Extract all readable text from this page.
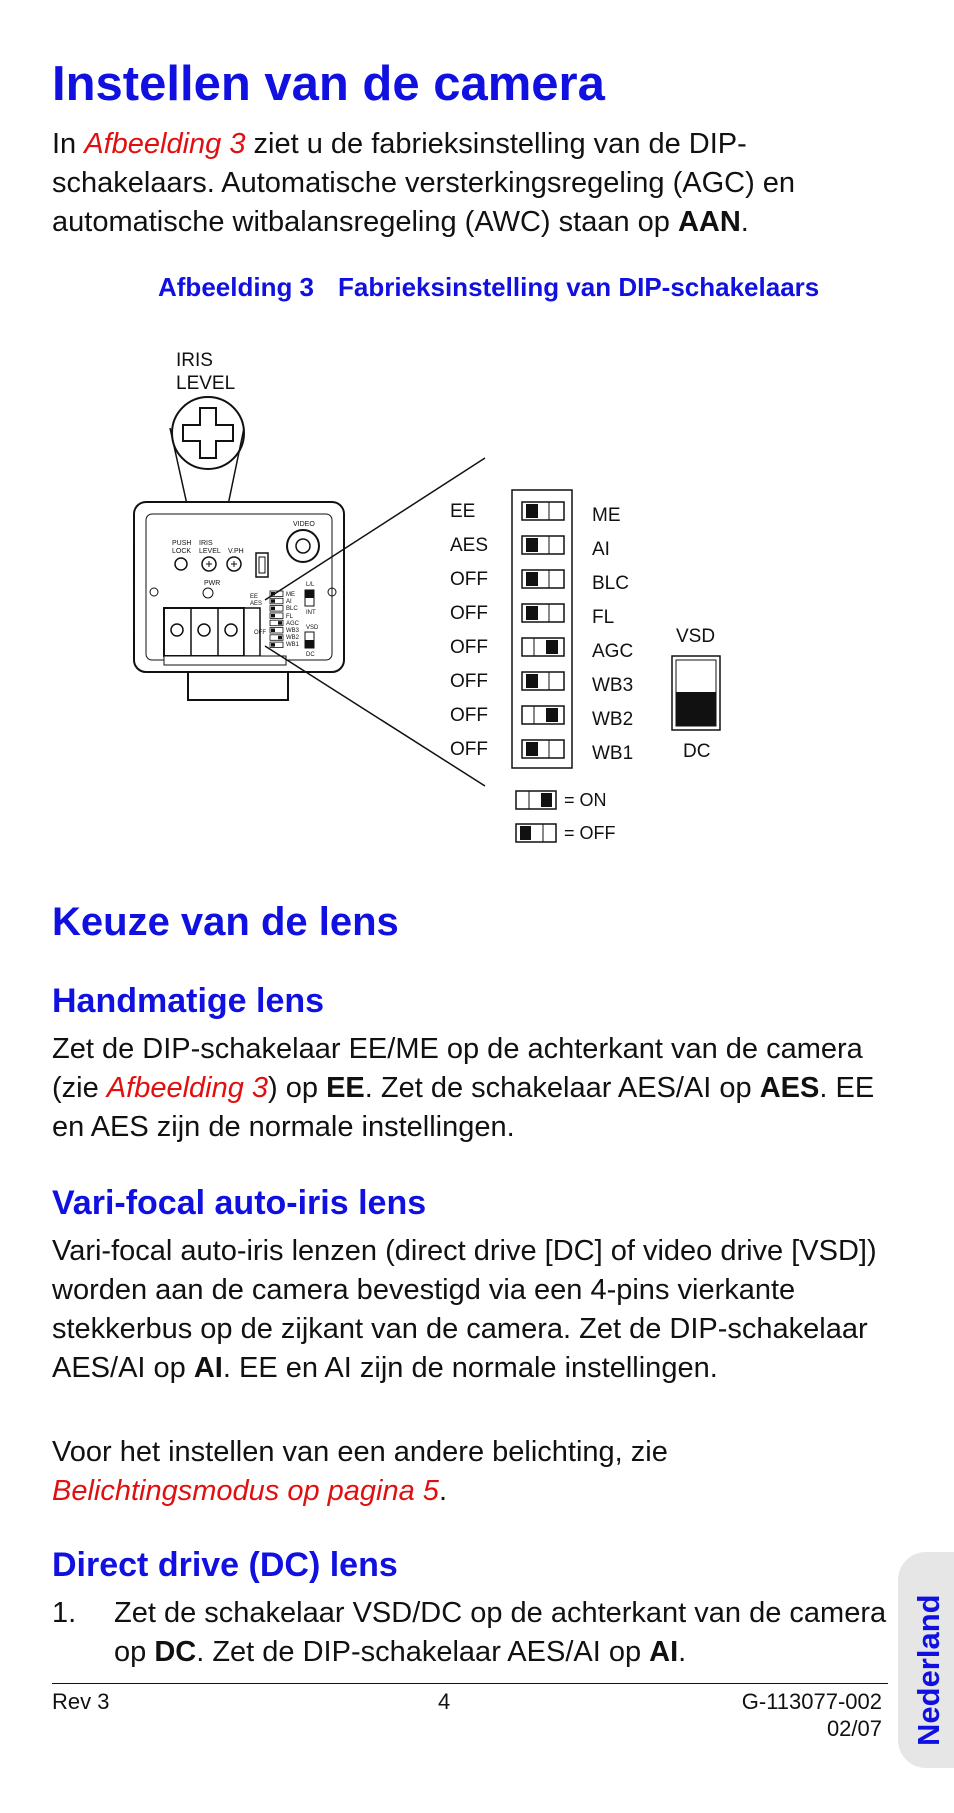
Instellen van de camera

In Afbeelding 3 ziet u de fabrieksinstelling van de DIP-schakelaars. Automatische versterkingsregeling (AGC) en automatische witbalansregeling (AWC) staan op AAN.

Afbeelding 3 Fabrieksinstelling van DIP-schakelaars
IRIS
LEVEL
VIDEO
PUSH
LOCK
IRIS
LEVEL V.PH
PWR
EE
AES
OFF
ME
AI
BLC
FL
AGC
WB3
WB2
WB1
L/L
INT
VSD
DC
EE	ME
AES	AI
OFF	BLC
OFF	FL
OFF	AGC
OFF	WB3
OFF	WB2
OFF	WB1
VSD
DC
= ON
= OFF
Keuze van de lens
Handmatige lens

Zet de DIP-schakelaar EE/ME op de achterkant van de camera (zie Afbeelding 3) op EE. Zet de schakelaar AES/AI op AES. EE en AES zijn de normale instellingen.

Vari-focal auto-iris lens

Vari-focal auto-iris lenzen (direct drive [DC] of video drive [VSD]) worden aan de camera bevestigd via een 4-pins vierkante stekkerbus op de zijkant van de camera. Zet de DIP-schakelaar AES/AI op AI. EE en AI zijn de normale instellingen.

Voor het instellen van een andere belichting, zie Belichtingsmodus op pagina 5.

Direct drive (DC) lens
1. Zet de schakelaar VSD/DC op de achterkant van de camera op DC. Zet de DIP-schakelaar AES/AI op AI.
Rev 3	4	G-113077-002
02/07 Nederland
